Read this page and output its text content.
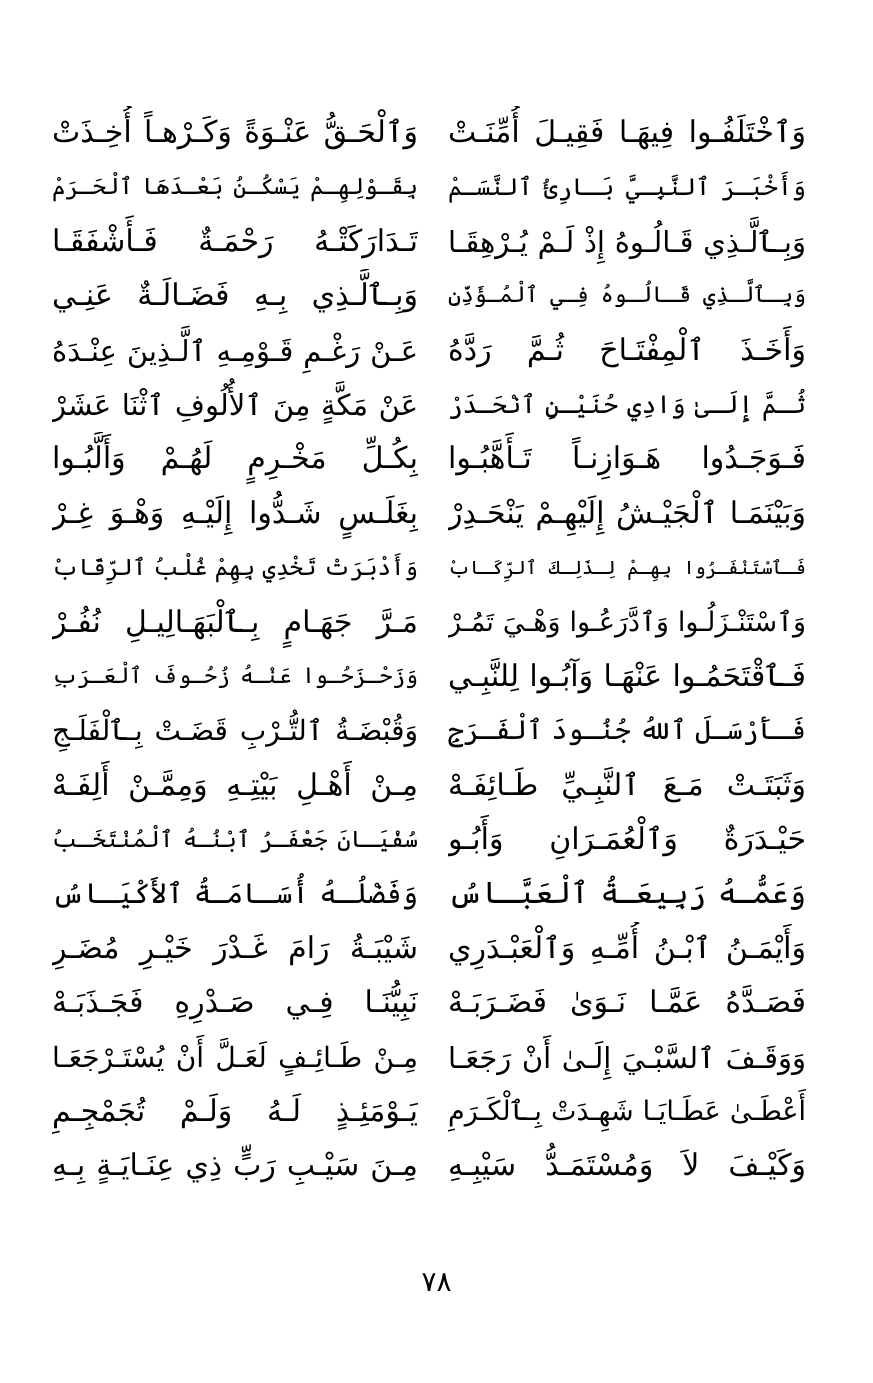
وَٱخْتَلَفُـوا فِيهَـا فَقِيـلَ أُمِّنَـتْ
وَٱلْحَـقُّ عَنْـوَةً وَكَـرْهـاً أُخِـذَتْ
وَأَخْبَـرَ ٱلنَّبِـيَّ بَـارِئُ ٱلنَّسَـمْ
بِقَـوْلِهِـمْ يَسْكُـنُ بَعْـدَهَا ٱلْحَـرَمْ
وَبِـٱلَّـذِي قَـالُـوهُ إِذْ لَـمْ يُـرْهِقَـا
تَـدَارَكَتْـهُ رَحْمَـةٌ فَـأَشْفَقَـا
وَبِـٱلَّـذِي قَـالُـوهُ فِـي ٱلْمُـؤَذِّنِ
وَبِـٱلَّـذِي بِـهِ فَضَـالَـةٌ عَنِـي
وَأَخَـذَ ٱلْمِفْتَـاحَ ثُـمَّ رَدَّهُ
عَـنْ رَغْـمِ قَـوْمِـهِ ٱلَّـذِينَ عِنْـدَهُ
ثُـمَّ إِلَـىٰ وَادِي حُنَيْـنٍ ٱنْحَـدَرْ
عَنْ مَكَّةٍ مِنَ ٱلأُلُوفِ ٱثْنَا عَشَرْ
فَـوَجَـدُوا هَـوَازِنـاً تَـأَهَّبُـوا
بِكُـلِّ مَخْـرِمٍ لَهُـمْ وَأَلَّبُـوا
وَبَيْنَمَـا ٱلْجَيْـشُ إِلَيْهِـمْ يَنْحَـدِرْ
بِغَلَـسٍ شَـدُّوا إِلَيْـهِ وَهْـوَ غِـرْ
فَـٱسْتَنْفَـرُوا بِهِـمْ لِـذَلِـكَ ٱلرِّكَـابْ
وَأَدْبَرَتْ تَخْدِي بِهِمْ غُلْبُ ٱلرِّقَابْ
وَٱسْتَنْـزَلُـوا وَٱدَّرَعُـوا وَهْـيَ تَمُـرْ
مَـرَّ جَهَـامٍ بِـٱلْبَهَـالِيـلِ نُفُـرْ
فَـٱقْتَحَمُـوا عَنْهَـا وَآبُـوا لِلنَّبِـي
وَزَحْـزَحُـوا عَنْـهُ زُحُـوفَ ٱلْعَـرَبِ
فَـأَرْسَـلَ ٱللهُ جُنُـودَ ٱلْفَـرَجِ
وَقُبْضَـةُ ٱلتُّـرْبِ قَضَـتْ بِـٱلْفَلَـجِ
وَثَبَتَـتْ مَـعَ ٱلنَّبِـيِّ طَـائِفَـهْ
مِـنْ أَهْـلِ بَيْتِـهِ وَمِمَّـنْ أَلِفَـهْ
حَيْـدَرَةٌ وَٱلْعُمَـرَانِ وَأَبُـو
سُفْيَـانَ جَعْفَـرُ ٱبْنُـهُ ٱلْمُنْتَخَـبُ
وَعَمُّـهُ رَبِيعَـةُ ٱلْعَبَّـاسُ
وَفَضْلُـهُ أُسَـامَـةُ ٱلأَكْيَـاسُ
وَأَيْمَـنُ ٱبْـنُ أُمِّـهِ وَٱلْعَبْـدَرِي
شَيْبَـةُ رَامَ غَـدْرَ خَيْـرِ مُضَـرِ
فَصَـدَّهُ عَمَّـا نَـوَىٰ فَضَـرَبَـهْ
نَبِيُّنَـا فِـي صَـدْرِهِ فَجَـذَبَـهْ
وَوَقَـفَ ٱلسَّبْـيَ إِلَـىٰ أَنْ رَجَعَـا
مِـنْ طَـائِـفٍ لَعَـلَّ أَنْ يُسْتَـرْجَعَـا
أَعْطَـىٰ عَطَـايَـا شَهِـدَتْ بِـٱلْكَـرَمِ
يَـوْمَئِـذٍ لَـهُ وَلَـمْ تُجَمْجِـمِ
وَكَيْـفَ لاَ وَمُسْتَمَـدُّ سَيْبِـهِ
مِـنَ سَيْـبِ رَبٍّ ذِي عِنَـايَـةٍ بِـهِ
٧٨
